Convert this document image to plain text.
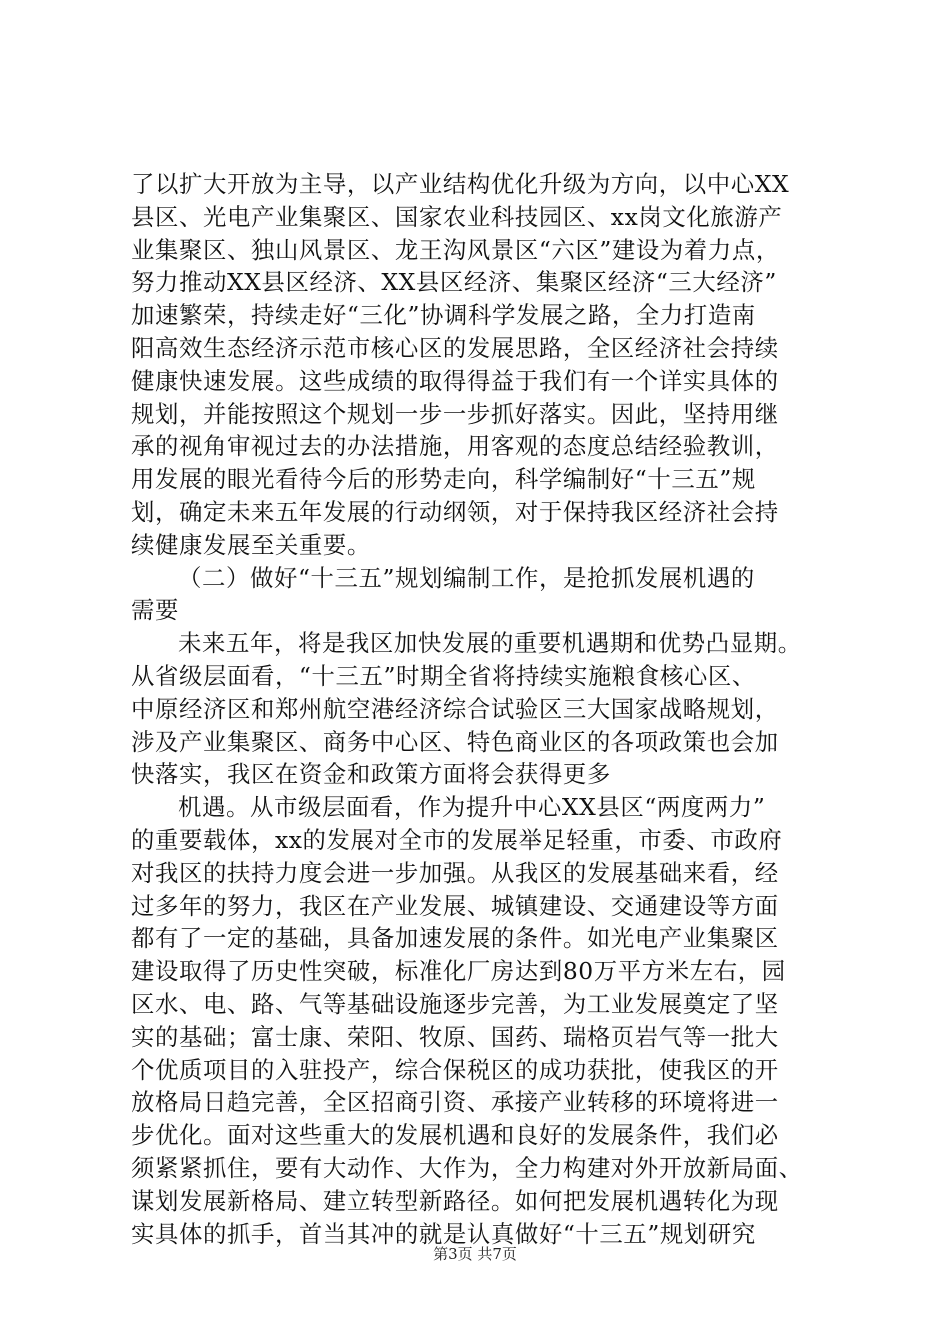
了以扩大开放为主导，以产业结构优化升级为方向，以中心XX
县区、光电产业集聚区、国家农业科技园区、xx岗文化旅游产
业集聚区、独山风景区、龙王沟风景区“六区”建设为着力点，
努力推动XX县区经济、XX县区经济、集聚区经济“三大经济”
加速繁荣，持续走好“三化”协调科学发展之路，全力打造南
阳高效生态经济示范市核心区的发展思路，全区经济社会持续
健康快速发展。这些成绩的取得得益于我们有一个详实具体的
规划，并能按照这个规划一步一步抓好落实。因此，坚持用继
承的视角审视过去的办法措施，用客观的态度总结经验教训，
用发展的眼光看待今后的形势走向，科学编制好“十三五”规
划，确定未来五年发展的行动纲领，对于保持我区经济社会持
续健康发展至关重要。
（二）做好“十三五”规划编制工作，是抢抓发展机遇的
需要
未来五年，将是我区加快发展的重要机遇期和优势凸显期。
从省级层面看，“十三五”时期全省将持续实施粮食核心区、
中原经济区和郑州航空港经济综合试验区三大国家战略规划，
涉及产业集聚区、商务中心区、特色商业区的各项政策也会加
快落实，我区在资金和政策方面将会获得更多
机遇。从市级层面看，作为提升中心XX县区“两度两力”
的重要载体，xx的发展对全市的发展举足轻重，市委、市政府
对我区的扶持力度会进一步加强。从我区的发展基础来看，经
过多年的努力，我区在产业发展、城镇建设、交通建设等方面
都有了一定的基础，具备加速发展的条件。如光电产业集聚区
建设取得了历史性突破，标准化厂房达到80万平方米左右，园
区水、电、路、气等基础设施逐步完善，为工业发展奠定了坚
实的基础；富士康、荣阳、牧原、国药、瑞格页岩气等一批大
个优质项目的入驻投产，综合保税区的成功获批，使我区的开
放格局日趋完善，全区招商引资、承接产业转移的环境将进一
步优化。面对这些重大的发展机遇和良好的发展条件，我们必
须紧紧抓住，要有大动作、大作为，全力构建对外开放新局面、
谋划发展新格局、建立转型新路径。如何把发展机遇转化为现
实具体的抓手，首当其冲的就是认真做好“十三五”规划研究
第3页 共7页
